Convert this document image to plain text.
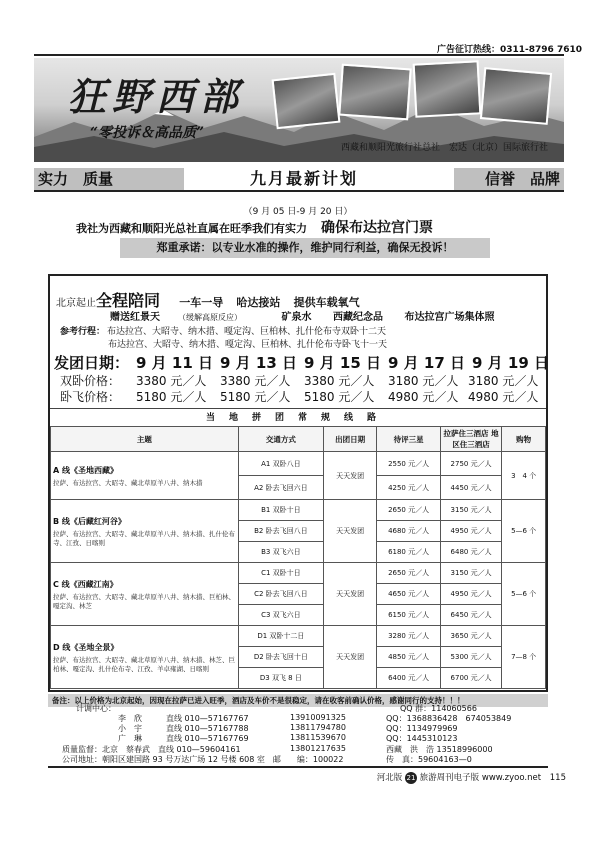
广告征订热线：0311-8796 7610
狂野西部
“零投诉＆高品质”
西藏和顺阳光旅行社总社　宏达（北京）国际旅行社
实力　质量	九月最新计划	信誉　品牌
（9 月 05 日-9 月 20 日）
我社为西藏和顺阳光总社直属在旺季我们有实力 确保布达拉宫门票
郑重承诺：以专业水准的操作，维护同行利益，确保无投诉！
北京起止全程陪同 一车一导 哈达接站 提供车载氧气
赠送红景天 （缓解高原反应）	矿泉水 西藏纪念品 布达拉宫广场集体照
参考行程： 布达拉宫、大昭寺、纳木措、嘎定沟、巨柏林、扎什伦布寺双卧十二天
布达拉宫、大昭寺、纳木措、嘎定沟、巨柏林、扎什伦布寺卧飞十一天
发团日期： 9 月 11 日 9 月 13 日 9 月 15 日 9 月 17 日 9 月 19 日
双卧价格： 3380 元／人 3380 元／人 3380 元／人 3180 元／人 3180 元／人
卧飞价格： 5180 元／人 5180 元／人 5180 元／人 4980 元／人 4980 元／人
当地拼团常规线路
主题	交通方式	出团日期	待评三星	拉萨住三酒店 地区住三酒店	购物

A 线《圣地西藏》
拉萨、布达拉宫、大昭寺、藏北草原羊八井、纳木措	A1 双卧八日	天天发团	2550 元／人	2750 元／人	3　4 个
	A2 卧去飞回六日		4250 元／人	4450 元／人	

B 线《后藏红河谷》
拉萨、布达拉宫、大昭寺、藏北草原羊八井、纳木措、扎什伦布寺、江孜、日喀则	B1 双卧十日	天天发团	2650 元／人	3150 元／人	5—6 个
	B2 卧去飞回八日		4680 元／人	4950 元／人	
	B3 双飞六日		6180 元／人	6480 元／人	

C 线《西藏江南》
拉萨、布达拉宫、大昭寺、藏北草原羊八井、纳木措、巨柏林、嘎定沟、林芝	C1 双卧十日	天天发团	2650 元／人	3150 元／人	5—6 个
	C2 卧去飞回八日		4650 元／人	4950 元／人	
	C3 双飞六日		6150 元／人	6450 元／人	

D 线《圣地全景》
拉萨、布达拉宫、大昭寺、藏北草原羊八井、纳木措、林芝、巨柏林、嘎定沟、扎什伦布寺、江孜、羊卓雍湖、日喀则	D1 双卧十二日	天天发团	3280 元／人	3650 元／人	7—8 个
	D2 卧去飞回十日		4850 元／人	5300 元／人	
	D3 双飞 8 日		6400 元／人	6700 元／人	
备注：以上价格为北京起始，因现在拉萨已进入旺季，酒店及车价不是很稳定，请在收客前确认价格，感谢同行的支持！！！
计调中心：	QQ 群：114060566
李　欣	直线 010—57167767	13910091325	QQ：1368836428　674053849
小　宇	直线 010—57167788	13811794780	QQ：1134979969
广　琳	直线 010—57167769	13811539670	QQ：1445310123
质量监督：北京　蔡春武　直线 010—59604161	13801217635	西藏　洪　浩 13518996000
公司地址：朝阳区建国路 93 号万达广场 12 号楼 608 室　邮　　编：100022	传　真：59604163—0
河北版 21 旅游周刊电子版 www.zyoo.net 115
